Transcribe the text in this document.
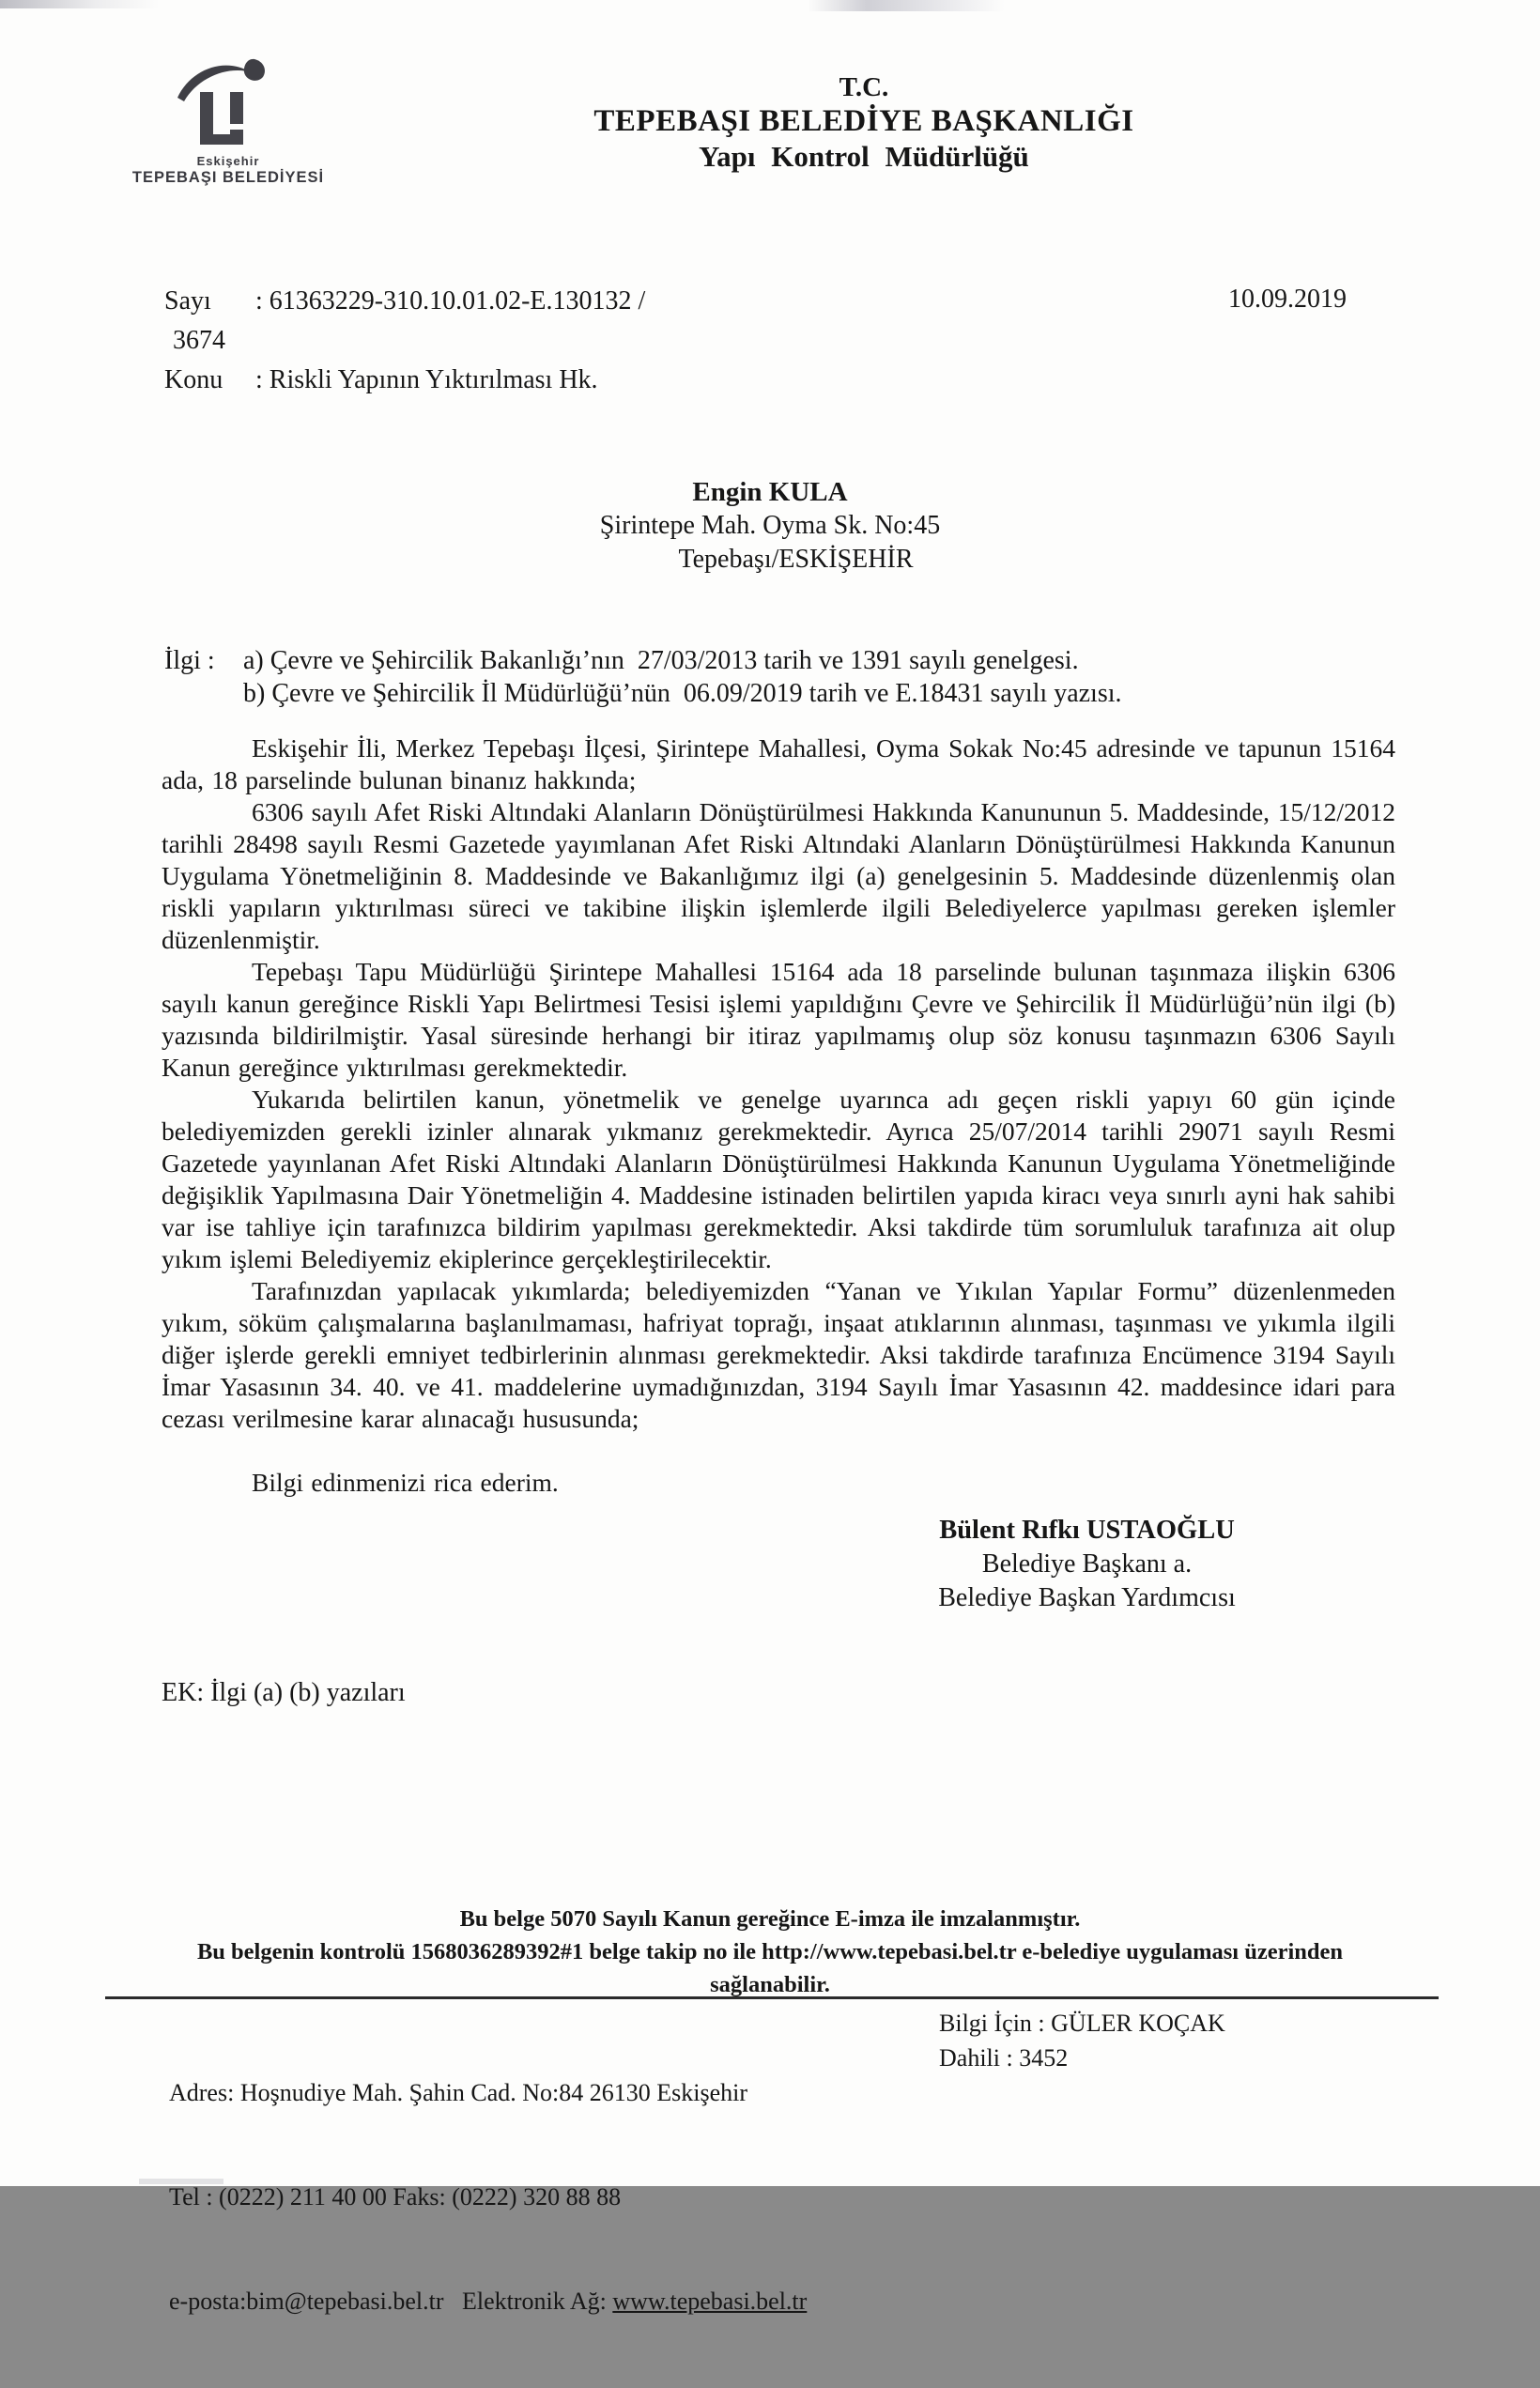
Eskişehir
TEPEBAŞI BELEDİYESİ
T.C.
TEPEBAŞI BELEDİYE BAŞKANLIĞI
Yapı Kontrol Müdürlüğü
Sayı : 61363229-310.10.01.02-E.130132 /
3674
Konu : Riskli Yapının Yıktırılması Hk.
10.09.2019
Engin KULA
Şirintepe Mah. Oyma Sk. No:45
Tepebaşı/ESKİŞEHİR
İlgi :	a) Çevre ve Şehircilik Bakanlığı’nın  27/03/2013 tarih ve 1391 sayılı genelgesi.
b) Çevre ve Şehircilik İl Müdürlüğü’nün  06.09/2019 tarih ve E.18431 sayılı yazısı.

Eskişehir İli, Merkez Tepebaşı İlçesi, Şirintepe Mahallesi, Oyma Sokak No:45 adresinde ve tapunun 15164 ada, 18 parselinde bulunan binanız hakkında;

6306 sayılı Afet Riski Altındaki Alanların Dönüştürülmesi Hakkında Kanununun 5. Maddesinde, 15/12/2012 tarihli 28498 sayılı Resmi Gazetede yayımlanan Afet Riski Altındaki Alanların Dönüştürülmesi Hakkında Kanunun Uygulama Yönetmeliğinin 8. Maddesinde ve Bakanlığımız ilgi (a) genelgesinin 5. Maddesinde düzenlenmiş olan riskli yapıların yıktırılması süreci ve takibine ilişkin işlemlerde ilgili Belediyelerce yapılması gereken işlemler düzenlenmiştir.

Tepebaşı Tapu Müdürlüğü Şirintepe Mahallesi 15164 ada 18 parselinde bulunan taşınmaza ilişkin 6306 sayılı kanun gereğince Riskli Yapı Belirtmesi Tesisi işlemi yapıldığını Çevre ve Şehircilik İl Müdürlüğü’nün ilgi (b) yazısında bildirilmiştir. Yasal süresinde herhangi bir itiraz yapılmamış olup söz konusu taşınmazın 6306 Sayılı Kanun gereğince yıktırılması gerekmektedir.

Yukarıda belirtilen kanun, yönetmelik ve genelge uyarınca adı geçen riskli yapıyı 60 gün içinde belediyemizden gerekli izinler alınarak yıkmanız gerekmektedir. Ayrıca 25/07/2014 tarihli 29071 sayılı Resmi Gazetede yayınlanan Afet Riski Altındaki Alanların Dönüştürülmesi Hakkında Kanunun Uygulama Yönetmeliğinde değişiklik Yapılmasına Dair Yönetmeliğin 4. Maddesine istinaden belirtilen yapıda kiracı veya sınırlı ayni hak sahibi var ise tahliye için tarafınızca bildirim yapılması gerekmektedir. Aksi takdirde tüm sorumluluk tarafınıza ait olup yıkım işlemi Belediyemiz ekiplerince gerçekleştirilecektir.

Tarafınızdan yapılacak yıkımlarda; belediyemizden “Yanan ve Yıkılan Yapılar Formu” düzenlenmeden yıkım, söküm çalışmalarına başlanılmaması, hafriyat toprağı, inşaat atıklarının alınması, taşınması ve yıkımla ilgili diğer işlerde gerekli emniyet tedbirlerinin alınması gerekmektedir. Aksi takdirde tarafınıza Encümence 3194 Sayılı İmar Yasasının 34. 40. ve 41. maddelerine uymadığınızdan, 3194 Sayılı İmar Yasasının 42. maddesince idari para cezası verilmesine karar alınacağı hususunda;

Bilgi edinmenizi rica ederim.

Bülent Rıfkı USTAOĞLU
Belediye Başkanı a.
Belediye Başkan Yardımcısı
EK: İlgi (a) (b) yazıları
Bu belge 5070 Sayılı Kanun gereğince E-imza ile imzalanmıştır.
Bu belgenin kontrolü 1568036289392#1 belge takip no ile http://www.tepebasi.bel.tr e-belediye uygulaması üzerinden
sağlanabilir.

Adres: Hoşnudiye Mah. Şahin Cad. No:84 26130 Eskişehir

Tel : (0222) 211 40 00 Faks: (0222) 320 88 88

e-posta:bim@tepebasi.bel.tr   Elektronik Ağ: www.tepebasi.bel.tr

Bilgi İçin : GÜLER KOÇAK
Dahili : 3452
